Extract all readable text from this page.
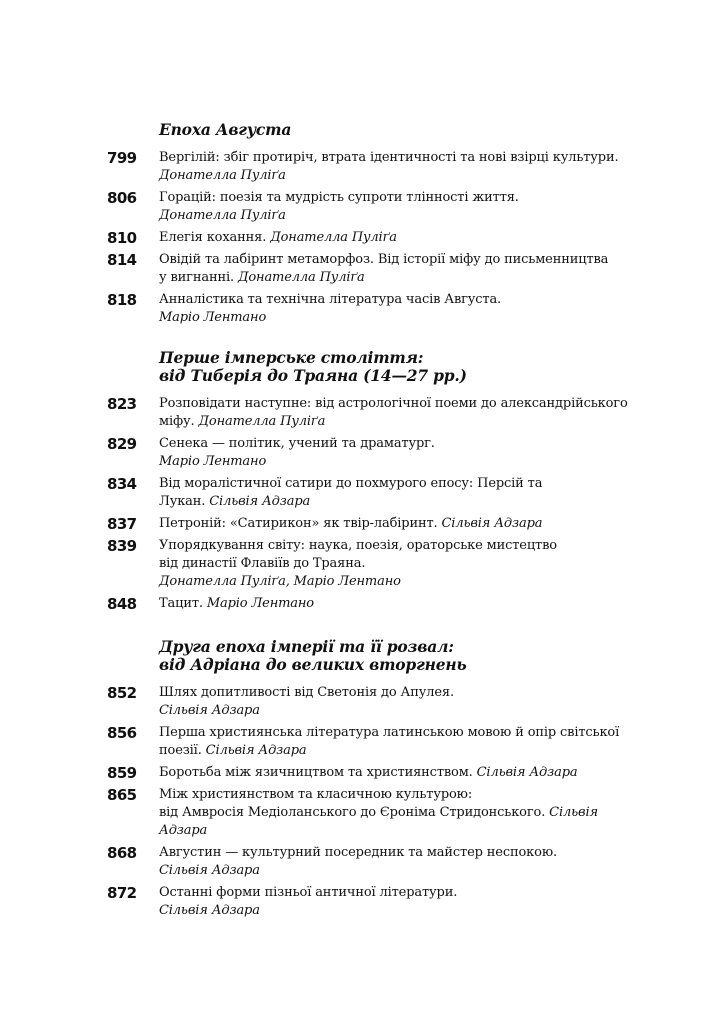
Епоха Августа
799 Вергілій: збіг протиріч, втрата ідентичності та нові взірці культури.
Донателла Пуліґа
806 Горацій: поезія та мудрість супроти тлінності життя.
Донателла Пуліґа
810 Елегія кохання. Донателла Пуліґа
814 Овідій та лабіринт метаморфоз. Від історії міфу до письменництва
у вигнанні. Донателла Пуліґа
818 Анналістика та технічна література часів Августа.
Маріо Лентано
Перше імперське століття:
від Тиберія до Траяна (14—27 рр.)
823 Розповідати наступне: від астрологічної поеми до александрійського
міфу. Донателла Пуліґа
829 Сенека — політик, учений та драматург.
Маріо Лентано
834 Від моралістичної сатири до похмурого епосу: Персій та
Лукан. Сільвія Адзара
837 Петроній: «Сатирикон» як твір-лабіринт. Сільвія Адзара
839 Упорядкування світу: наука, поезія, ораторське мистецтво
від династії Флавіїв до Траяна.
Донателла Пуліґа, Маріо Лентано
848 Тацит. Маріо Лентано
Друга епоха імперії та її розвал:
від Адріана до великих вторгнень
852 Шлях допитливості від Светонія до Апулея.
Сільвія Адзара
856 Перша християнська література латинською мовою й опір світської
поезії. Сільвія Адзара
859 Боротьба між язичництвом та християнством. Сільвія Адзара
865 Між християнством та класичною культурою:
від Амвросія Медіоланського до Єроніма Стридонського. Сільвія
Адзара
868 Августин — культурний посередник та майстер неспокою.
Сільвія Адзара
872 Останні форми пізньої античної літератури.
Сільвія Адзара
